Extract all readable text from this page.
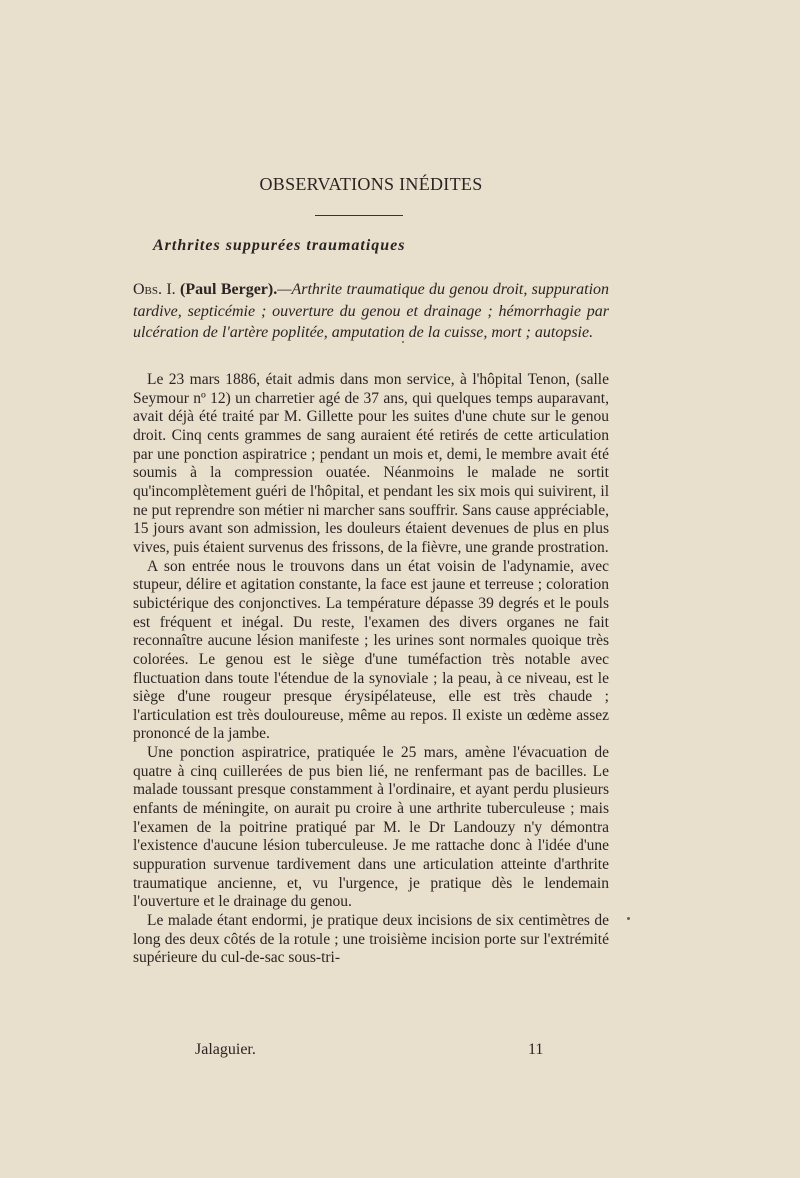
OBSERVATIONS INÉDITES
Arthrites suppurées traumatiques
Obs. I. (Paul Berger).—Arthrite traumatique du genou droit, suppuration tardive, septicémie ; ouverture du genou et drainage ; hémorrhagie par ulcération de l'artère poplitée, amputation de la cuisse, mort ; autopsie.

Le 23 mars 1886, était admis dans mon service, à l'hôpital Tenon, (salle Seymour nº 12) un charretier agé de 37 ans, qui quelques temps auparavant, avait déjà été traité par M. Gillette pour les suites d'une chute sur le genou droit. Cinq cents grammes de sang auraient été retirés de cette articulation par une ponction aspiratrice ; pendant un mois et, demi, le membre avait été soumis à la compression ouatée. Néanmoins le malade ne sortit qu'incomplètement guéri de l'hôpital, et pendant les six mois qui suivirent, il ne put reprendre son métier ni marcher sans souffrir. Sans cause appréciable, 15 jours avant son admission, les douleurs étaient devenues de plus en plus vives, puis étaient survenus des frissons, de la fièvre, une grande prostration.

A son entrée nous le trouvons dans un état voisin de l'adynamie, avec stupeur, délire et agitation constante, la face est jaune et terreuse ; coloration subictérique des conjonctives. La température dépasse 39 degrés et le pouls est fréquent et inégal. Du reste, l'examen des divers organes ne fait reconnaître aucune lésion manifeste ; les urines sont normales quoique très colorées. Le genou est le siège d'une tuméfaction très notable avec fluctuation dans toute l'étendue de la synoviale ; la peau, à ce niveau, est le siège d'une rougeur presque érysipélateuse, elle est très chaude ; l'articulation est très douloureuse, même au repos. Il existe un œdème assez prononcé de la jambe.

Une ponction aspiratrice, pratiquée le 25 mars, amène l'évacuation de quatre à cinq cuillerées de pus bien lié, ne renfermant pas de bacilles. Le malade toussant presque constamment à l'ordinaire, et ayant perdu plusieurs enfants de méningite, on aurait pu croire à une arthrite tuberculeuse ; mais l'examen de la poitrine pratiqué par M. le Dr Landouzy n'y démontra l'existence d'aucune lésion tuberculeuse. Je me rattache donc à l'idée d'une suppuration survenue tardivement dans une articulation atteinte d'arthrite traumatique ancienne, et, vu l'urgence, je pratique dès le lendemain l'ouverture et le drainage du genou.

Le malade étant endormi, je pratique deux incisions de six centimètres de long des deux côtés de la rotule ; une troisième incision porte sur l'extrémité supérieure du cul-de-sac sous-tri-

Jalaguier.	11
